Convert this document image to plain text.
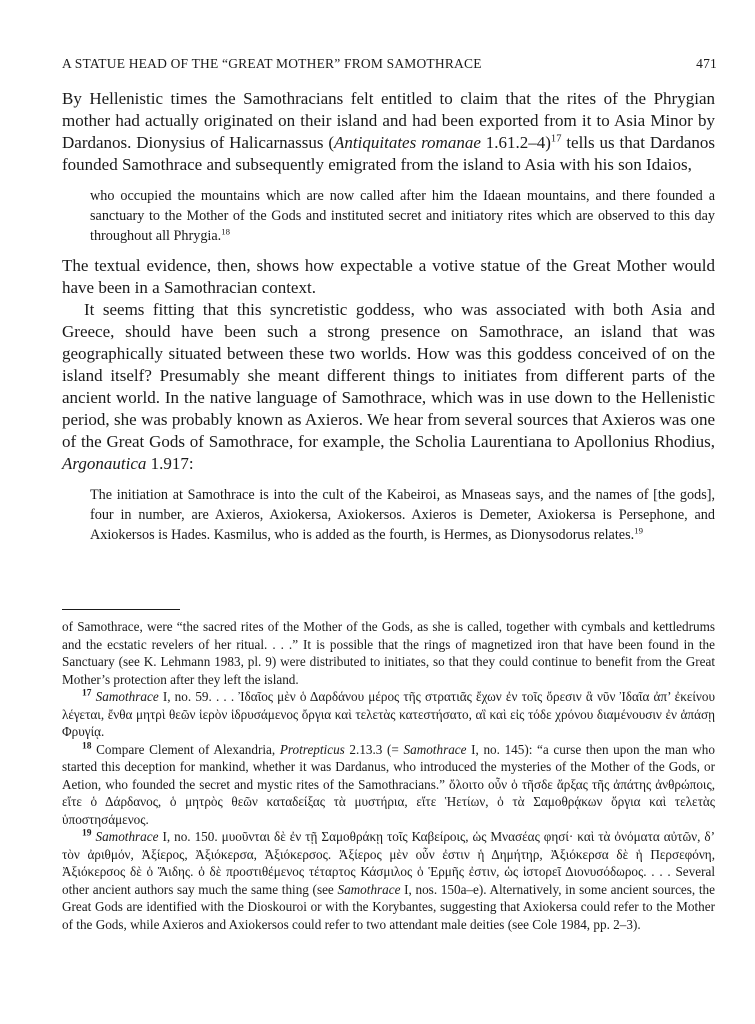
A STATUE HEAD OF THE “GREAT MOTHER” FROM SAMOTHRACE	471

By Hellenistic times the Samothracians felt entitled to claim that the rites of the Phrygian mother had actually originated on their island and had been exported from it to Asia Minor by Dardanos. Dionysius of Halicarnassus (Antiquitates romanae 1.61.2–4)$^{17}$ tells us that Dardanos founded Samothrace and subsequently emigrated from the island to Asia with his son Idaios,

who occupied the mountains which are now called after him the Idaean mountains, and there founded a sanctuary to the Mother of the Gods and instituted secret and initiatory rites which are observed to this day throughout all Phrygia.$^{18}$

The textual evidence, then, shows how expectable a votive statue of the Great Mother would have been in a Samothracian context.

It seems fitting that this syncretistic goddess, who was associated with both Asia and Greece, should have been such a strong presence on Samothrace, an island that was geographically situated between these two worlds. How was this goddess conceived of on the island itself? Presumably she meant different things to initiates from different parts of the ancient world. In the native language of Samothrace, which was in use down to the Hellenistic period, she was probably known as Axieros. We hear from several sources that Axieros was one of the Great Gods of Samothrace, for example, the Scholia Laurentiana to Apollonius Rhodius, Argonautica 1.917:

The initiation at Samothrace is into the cult of the Kabeiroi, as Mnaseas says, and the names of [the gods], four in number, are Axieros, Axiokersa, Axiokersos. Axieros is Demeter, Axiokersa is Persephone, and Axiokersos is Hades. Kasmilus, who is added as the fourth, is Hermes, as Dionysodorus relates.$^{19}$

of Samothrace, were “the sacred rites of the Mother of the Gods, as she is called, together with cymbals and kettledrums and the ecstatic revelers of her ritual. . . .” It is possible that the rings of magnetized iron that have been found in the Sanctuary (see K. Lehmann 1983, pl. 9) were distributed to initiates, so that they could continue to benefit from the Great Mother’s protection after they left the island.

$^{17}$ Samothrace I, no. 59. . . . Ἰδαῖος μὲν ὁ Δαρδάνου μέρος τῆς στρατιᾶς ἔχων ἐν τοῖς ὄρεσιν ἃ νῦν Ἰδαῖα ἀπ’ ἐκείνου λέγεται, ἔνθα μητρὶ θεῶν ἱερὸν ἱδρυσάμενος ὄργια καὶ τελετὰς κατεστήσατο, αἳ καὶ εἰς τόδε χρόνου διαμένουσιν ἐν ἁπάσῃ Φρυγίᾳ.

$^{18}$ Compare Clement of Alexandria, Protrepticus 2.13.3 (= Samothrace I, no. 145): “a curse then upon the man who started this deception for mankind, whether it was Dardanus, who introduced the mysteries of the Mother of the Gods, or Aetion, who founded the secret and mystic rites of the Samothracians.” ὄλοιτο οὖν ὁ τῆσδε ἄρξας τῆς ἀπάτης ἀνθρώποις, εἴτε ὁ Δάρδανος, ὁ μητρὸς θεῶν καταδείξας τὰ μυστήρια, εἴτε Ἡετίων, ὁ τὰ Σαμοθρᾴκων ὄργια καὶ τελετὰς ὑποστησάμενος.

$^{19}$ Samothrace I, no. 150. μυοῦνται δὲ ἐν τῇ Σαμοθράκῃ τοῖς Καβείροις, ὡς Μνασέας φησί· καὶ τὰ ὀνόματα αὐτῶν, δ’ τὸν ἀριθμόν, Ἀξίερος, Ἀξιόκερσα, Ἀξιόκερσος. Ἀξίερος μὲν οὖν ἐστιν ἡ Δημήτηρ, Ἀξιόκερσα δὲ ἡ Περσεφόνη, Ἀξιόκερσος δὲ ὁ Ἅιδης. ὁ δὲ προστιθέμενος τέταρτος Κάσμιλος ὁ Ἑρμῆς ἐστιν, ὡς ἱστορεῖ Διονυσόδωρος. . . . Several other ancient authors say much the same thing (see Samothrace I, nos. 150a–e). Alternatively, in some ancient sources, the Great Gods are identified with the Dioskouroi or with the Korybantes, suggesting that Axiokersa could refer to the Mother of the Gods, while Axieros and Axiokersos could refer to two attendant male deities (see Cole 1984, pp. 2–3).
